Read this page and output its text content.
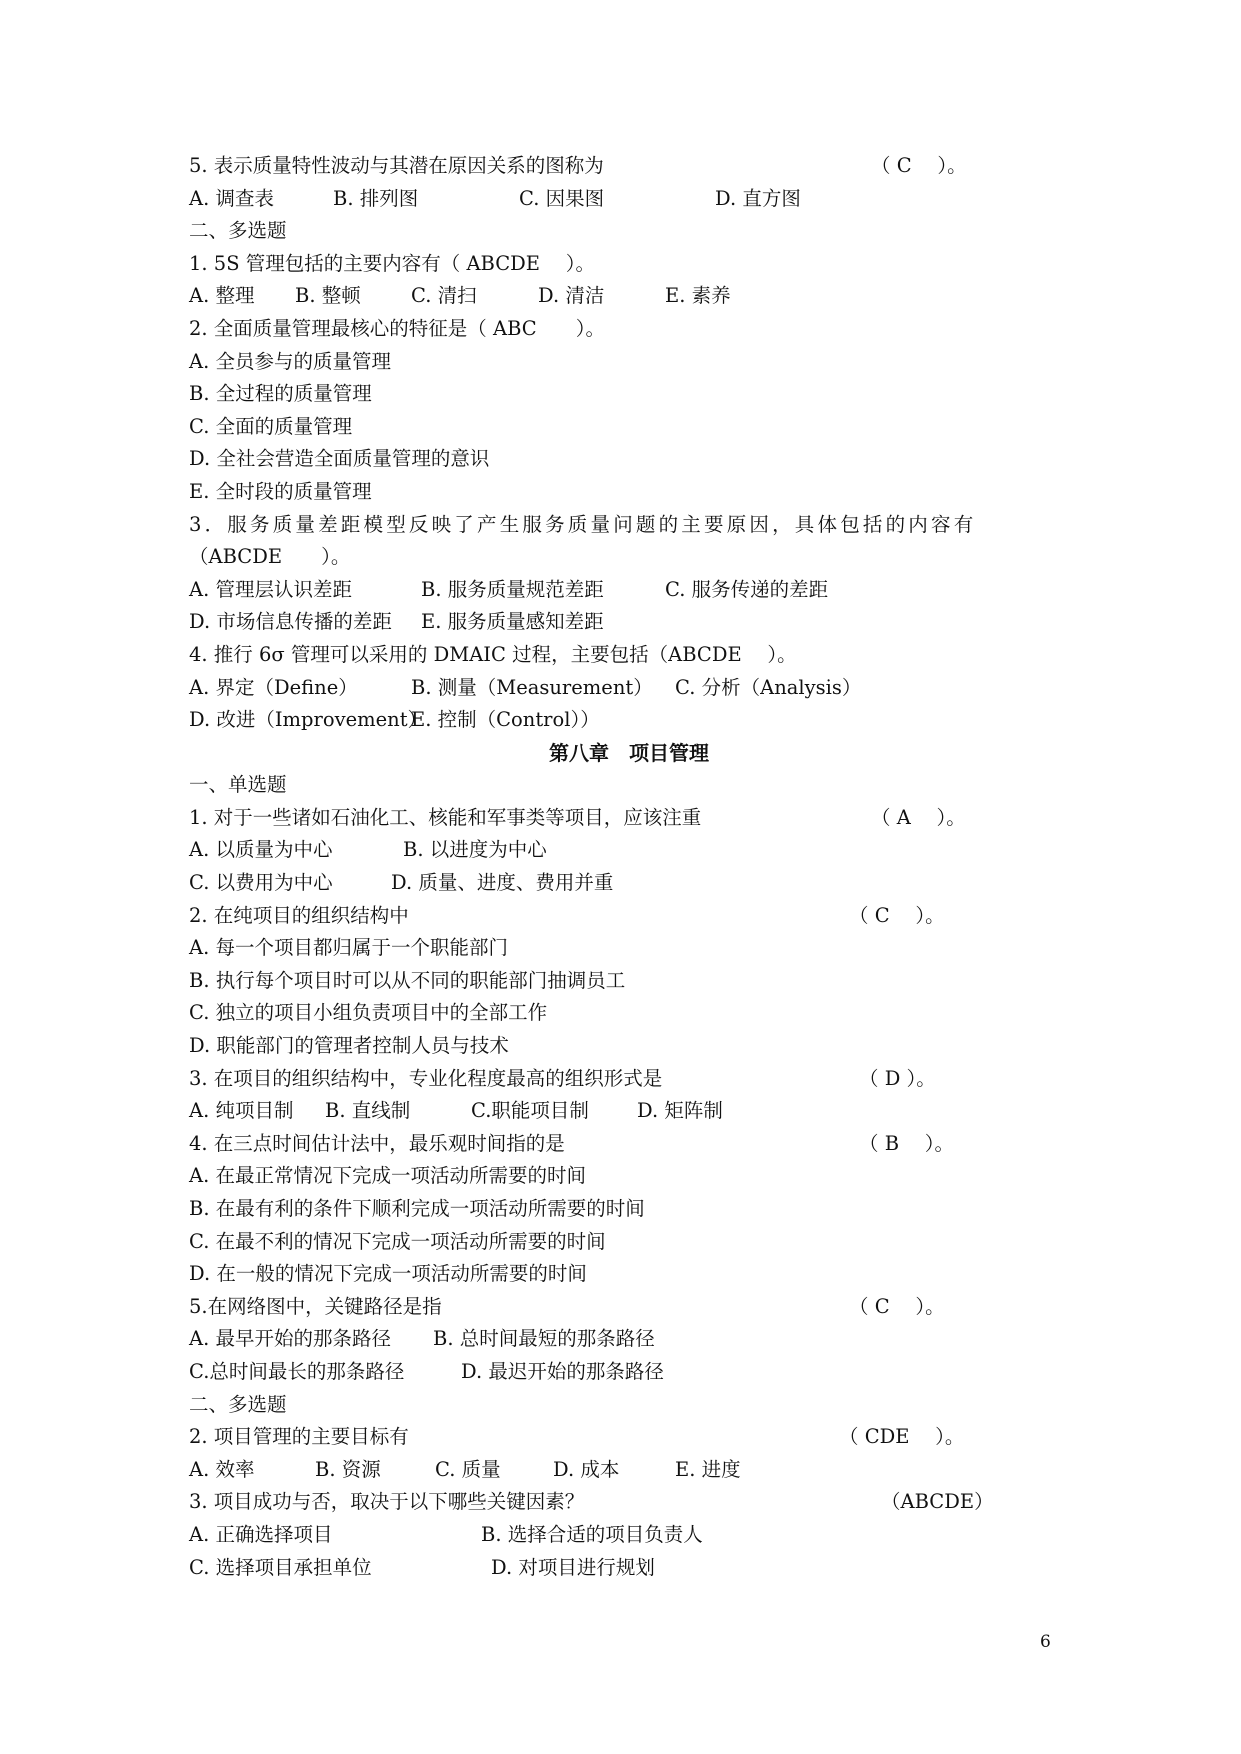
5. 表示质量特性波动与其潜在原因关系的图称为	（ C　 ）。
A. 调查表	B. 排列图	C. 因果图	D. 直方图
二、多选题
1. 5S 管理包括的主要内容有（ ABCDE　 ）。
A. 整理 B. 整顿	C. 清扫	D. 清洁	E. 素养
2. 全面质量管理最核心的特征是（ ABC　　）。
A. 全员参与的质量管理
B. 全过程的质量管理
C. 全面的质量管理
D. 全社会营造全面质量管理的意识
E. 全时段的质量管理
3．服务质量差距模型反映了产生服务质量问题的主要原因，具体包括的内容有
（ABCDE　　）。
A. 管理层认识差距	B. 服务质量规范差距	C. 服务传递的差距
D. 市场信息传播的差距 E. 服务质量感知差距
4. 推行 6σ 管理可以采用的 DMAIC 过程，主要包括（ABCDE　 ）。
A. 界定（Define）	B. 测量（Measurement） C. 分析（Analysis）
D. 改进（Improvement）
E. 控制（Control））
第八章　项目管理
一、单选题
1. 对于一些诸如石油化工、核能和军事类等项目，应该注重	（ A　 ）。
A. 以质量为中心	B. 以进度为中心
C. 以费用为中心	D. 质量、进度、费用并重
2. 在纯项目的组织结构中	（ C　 ）。
A. 每一个项目都归属于一个职能部门
B. 执行每个项目时可以从不同的职能部门抽调员工
C. 独立的项目小组负责项目中的全部工作
D. 职能部门的管理者控制人员与技术
3. 在项目的组织结构中，专业化程度最高的组织形式是	（ D ）。
A. 纯项目制 B. 直线制	C.职能项目制 D. 矩阵制
4. 在三点时间估计法中，最乐观时间指的是	（ B　 ）。
A. 在最正常情况下完成一项活动所需要的时间
B. 在最有利的条件下顺利完成一项活动所需要的时间
C. 在最不利的情况下完成一项活动所需要的时间
D. 在一般的情况下完成一项活动所需要的时间
5.在网络图中，关键路径是指	（ C　 ）。
A. 最早开始的那条路径 B. 总时间最短的那条路径
C.总时间最长的那条路径	D. 最迟开始的那条路径
二、多选题
2. 项目管理的主要目标有	（ CDE　 ）。
A. 效率	B. 资源	C. 质量	D. 成本	E. 进度
3. 项目成功与否，取决于以下哪些关键因素？	（ABCDE）
A. 正确选择项目	B. 选择合适的项目负责人
C. 选择项目承担单位	D. 对项目进行规划
6
